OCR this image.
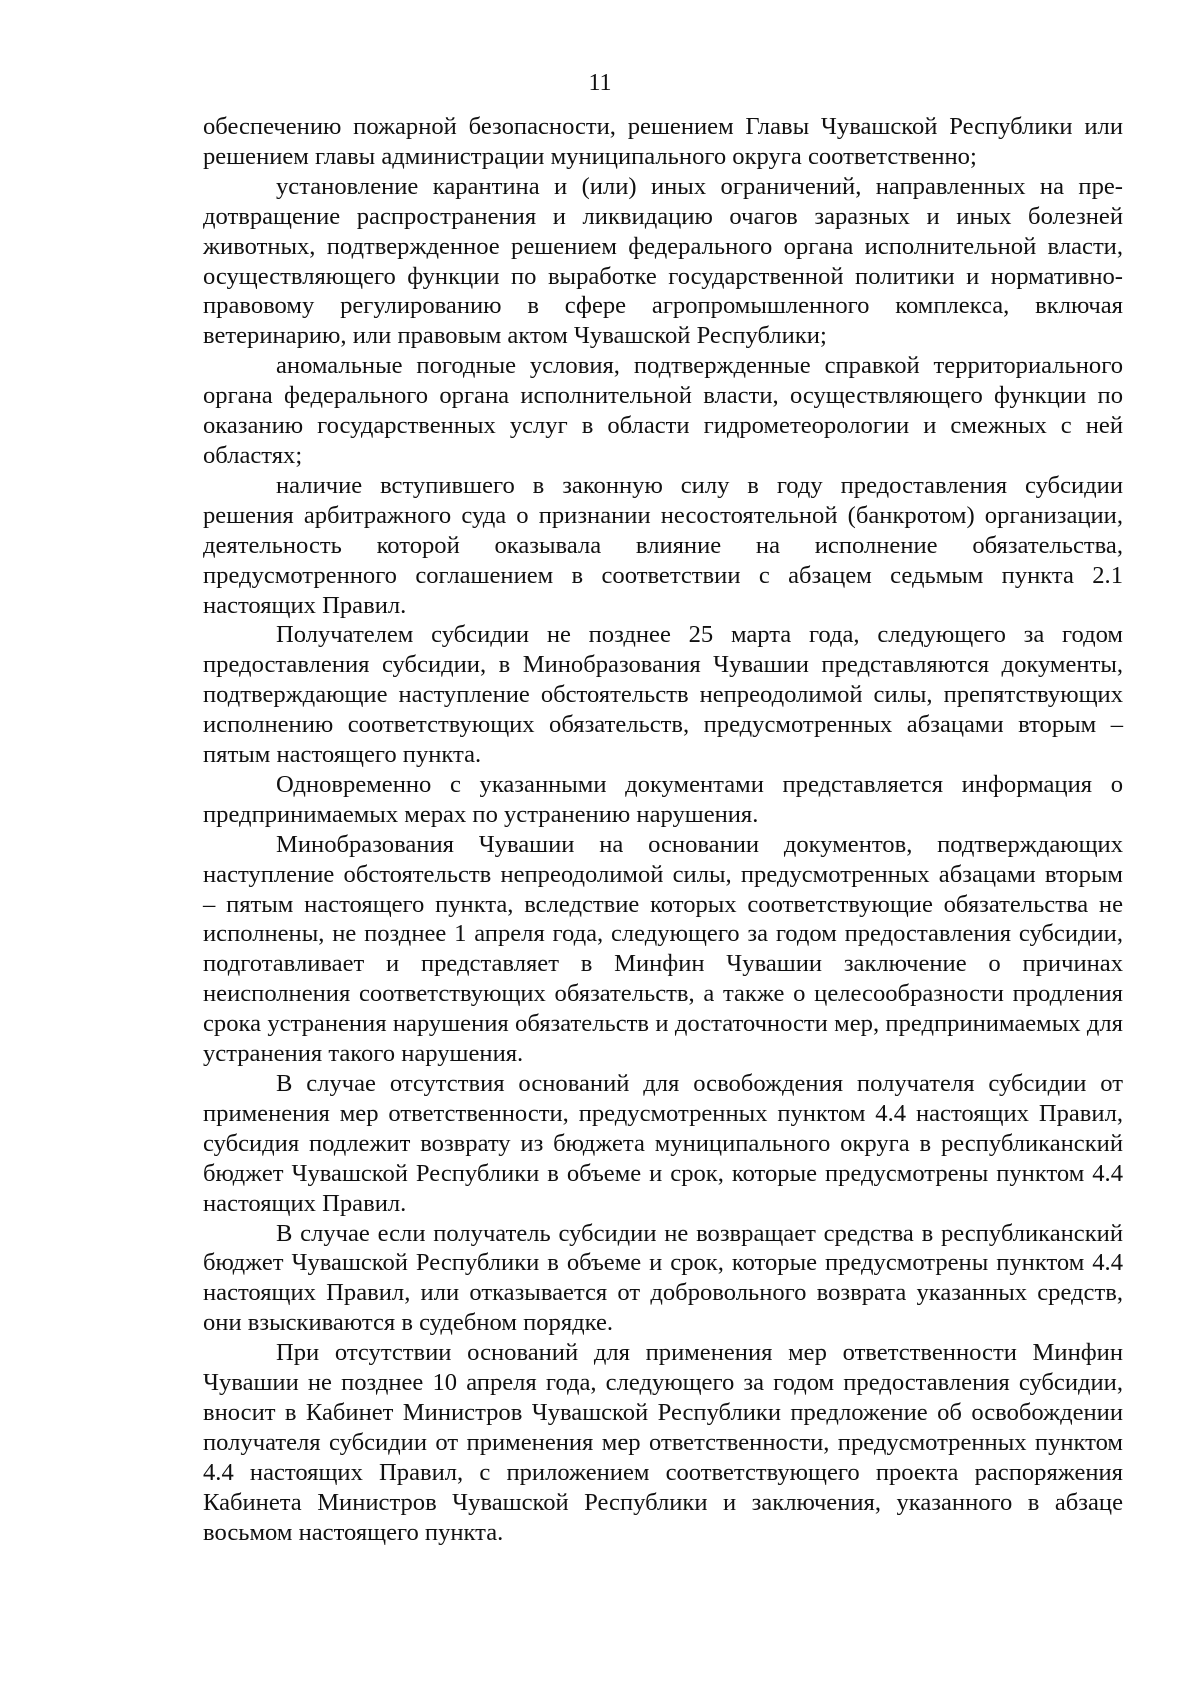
11

обеспечению пожарной безопасности, решением Главы Чувашской Республики или решением главы администрации муниципального округа соответственно;

установление карантина и (или) иных ограничений, направленных на предотвращение распространения и ликвидацию очагов заразных и иных болезней животных, подтвержденное решением федерального органа исполнительной власти, осуществляющего функции по выработке государственной политики и нормативно-правовому регулированию в сфере агропромышленного комплекса, включая ветеринарию, или правовым актом Чувашской Республики;

аномальные погодные условия, подтвержденные справкой территориального органа федерального органа исполнительной власти, осуществляющего функции по оказанию государственных услуг в области гидрометеорологии и смежных с ней областях;

наличие вступившего в законную силу в году предоставления субсидии решения арбитражного суда о признании несостоятельной (банкротом) организации, деятельность которой оказывала влияние на исполнение обязательства, предусмотренного соглашением в соответствии с абзацем седьмым пункта 2.1 настоящих Правил.

Получателем субсидии не позднее 25 марта года, следующего за годом предоставления субсидии, в Минобразования Чувашии представляются документы, подтверждающие наступление обстоятельств непреодолимой силы, препятствующих исполнению соответствующих обязательств, предусмотренных абзацами вторым – пятым настоящего пункта.

Одновременно с указанными документами представляется информация о предпринимаемых мерах по устранению нарушения.

Минобразования Чувашии на основании документов, подтверждающих наступление обстоятельств непреодолимой силы, предусмотренных абзацами вторым – пятым настоящего пункта, вследствие которых соответствующие обязательства не исполнены, не позднее 1 апреля года, следующего за годом предоставления субсидии, подготавливает и представляет в Минфин Чувашии заключение о причинах неисполнения соответствующих обязательств, а также о целесообразности продления срока устранения нарушения обязательств и достаточности мер, предпринимаемых для устранения такого нарушения.

В случае отсутствия оснований для освобождения получателя субсидии от применения мер ответственности, предусмотренных пунктом 4.4 настоящих Правил, субсидия подлежит возврату из бюджета муниципального округа в республиканский бюджет Чувашской Республики в объеме и срок, которые предусмотрены пунктом 4.4 настоящих Правил.

В случае если получатель субсидии не возвращает средства в республиканский бюджет Чувашской Республики в объеме и срок, которые предусмотрены пунктом 4.4 настоящих Правил, или отказывается от добровольного возврата указанных средств, они взыскиваются в судебном порядке.

При отсутствии оснований для применения мер ответственности Минфин Чувашии не позднее 10 апреля года, следующего за годом предоставления субсидии, вносит в Кабинет Министров Чувашской Республики предложение об освобождении получателя субсидии от применения мер ответственности, предусмотренных пунктом 4.4 настоящих Правил, с приложением соответствующего проекта распоряжения Кабинета Министров Чувашской Республики и заключения, указанного в абзаце восьмом настоящего пункта.
